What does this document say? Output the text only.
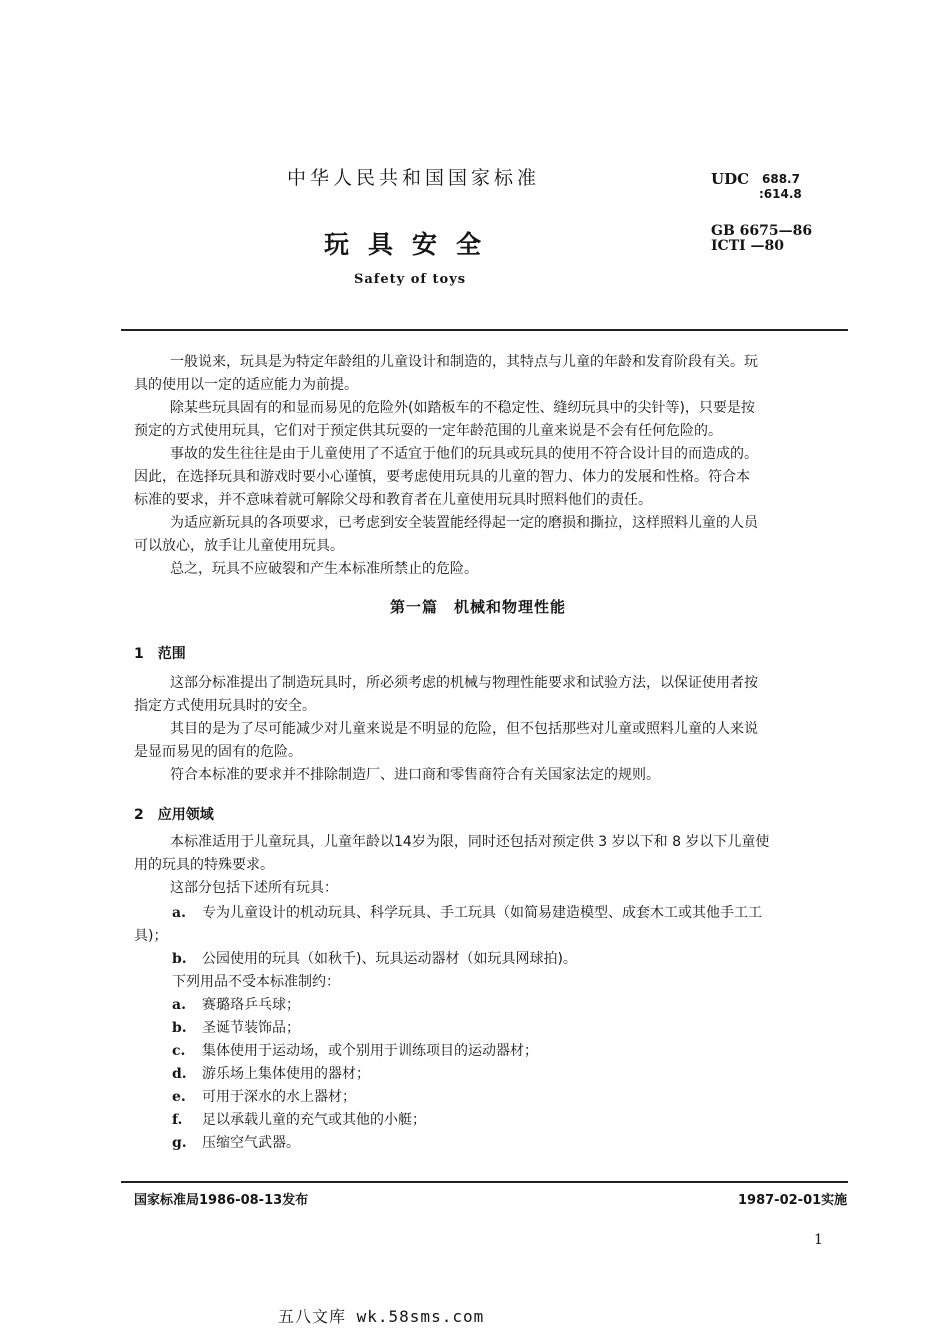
中华人民共和国国家标准
玩具安全
Safety of toys
UDC 688.7
:614.8
GB 6675—86
ICTI —80
一般说来，玩具是为特定年龄组的儿童设计和制造的，其特点与儿童的年龄和发育阶段有关。玩
具的使用以一定的适应能力为前提。
除某些玩具固有的和显而易见的危险外(如踏板车的不稳定性、缝纫玩具中的尖针等)，只要是按
预定的方式使用玩具，它们对于预定供其玩耍的一定年龄范围的儿童来说是不会有任何危险的。
事故的发生往往是由于儿童使用了不适宜于他们的玩具或玩具的使用不符合设计目的而造成的。
因此，在选择玩具和游戏时要小心谨慎，要考虑使用玩具的儿童的智力、体力的发展和性格。符合本
标准的要求，并不意味着就可解除父母和教育者在儿童使用玩具时照料他们的责任。
为适应新玩具的各项要求，已考虑到安全装置能经得起一定的磨损和撕拉，这样照料儿童的人员
可以放心，放手让儿童使用玩具。
总之，玩具不应破裂和产生本标准所禁止的危险。
第一篇　机械和物理性能
1　范围
这部分标准提出了制造玩具时，所必须考虑的机械与物理性能要求和试验方法，以保证使用者按
指定方式使用玩具时的安全。
其目的是为了尽可能减少对儿童来说是不明显的危险，但不包括那些对儿童或照料儿童的人来说
是显而易见的固有的危险。
符合本标准的要求并不排除制造厂、进口商和零售商符合有关国家法定的规则。
2　应用领域
本标准适用于儿童玩具，儿童年龄以14岁为限，同时还包括对预定供 3 岁以下和 8 岁以下儿童使
用的玩具的特殊要求。
这部分包括下述所有玩具：
a. 专为儿童设计的机动玩具、科学玩具、手工玩具（如简易建造模型、成套木工或其他手工工
具)；
b. 公园使用的玩具（如秋千)、玩具运动器材（如玩具网球拍)。
下列用品不受本标准制约：
a. 赛璐珞乒乓球；
b. 圣诞节装饰品；
c. 集体使用于运动场，或个别用于训练项目的运动器材；
d. 游乐场上集体使用的器材；
e. 可用于深水的水上器材；
f. 足以承载儿童的充气或其他的小艇；
g. 压缩空气武器。
国家标准局1986-08-13发布	1987-02-01实施
1
五八文库 wk.58sms.com
